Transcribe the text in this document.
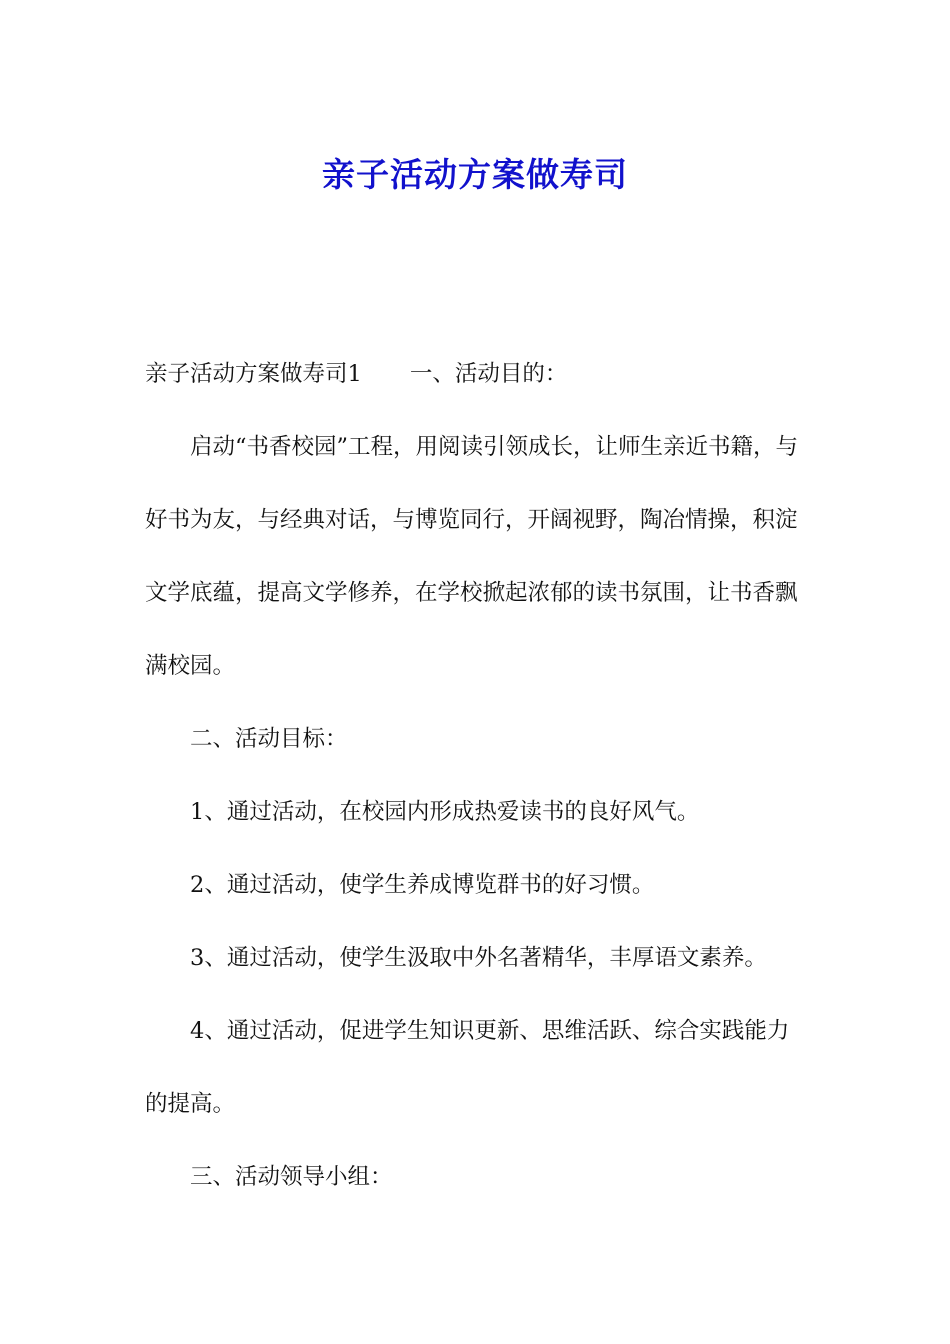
亲子活动方案做寿司

亲子活动方案做寿司1 一、活动目的：

启动“书香校园”工程，用阅读引领成长，让师生亲近书籍，与好书为友，与经典对话，与博览同行，开阔视野，陶冶情操，积淀文学底蕴，提高文学修养，在学校掀起浓郁的读书氛围，让书香飘满校园。

二、活动目标：

1、通过活动，在校园内形成热爱读书的良好风气。

2、通过活动，使学生养成博览群书的好习惯。

3、通过活动，使学生汲取中外名著精华，丰厚语文素养。

4、通过活动，促进学生知识更新、思维活跃、综合实践能力的提高。

三、活动领导小组：
